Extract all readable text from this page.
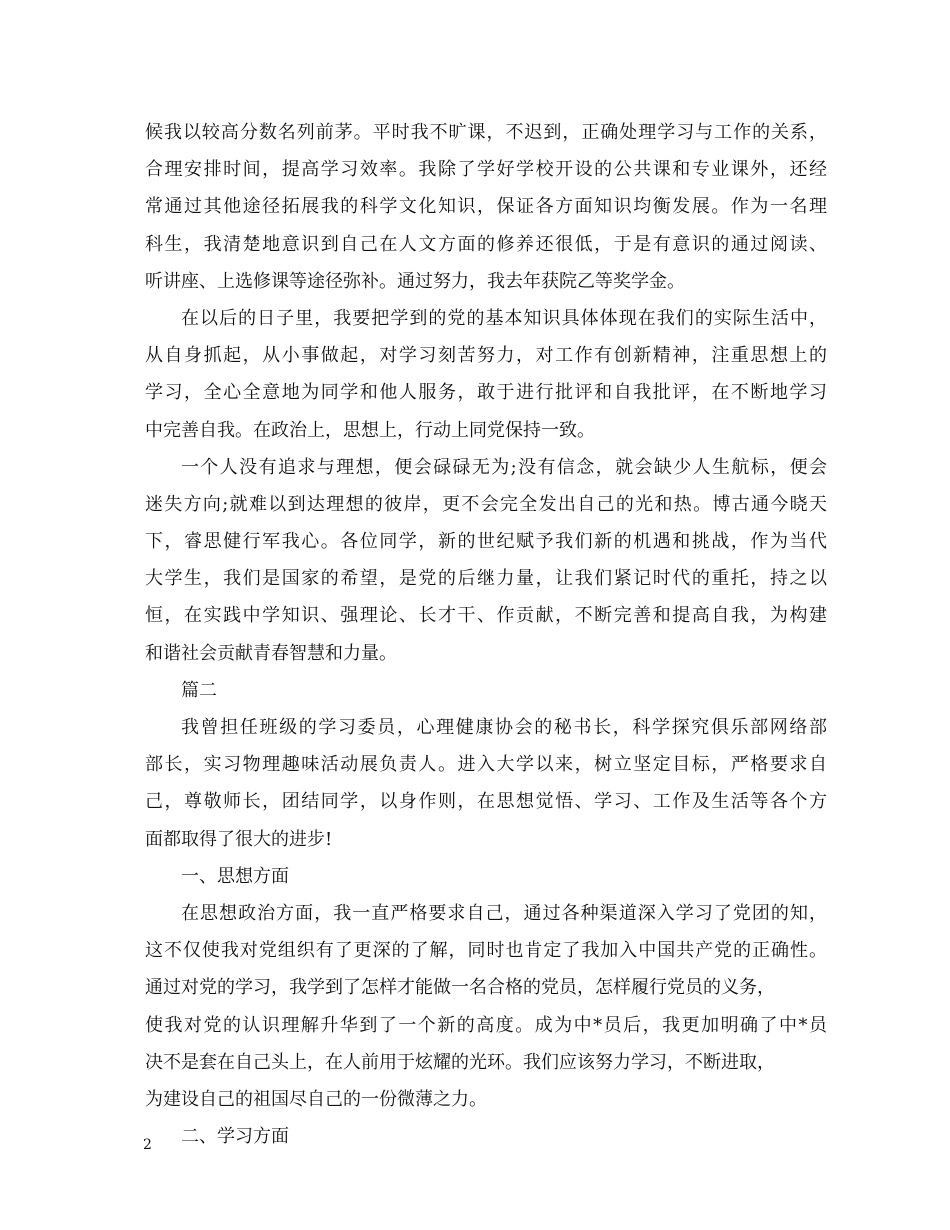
候我以较高分数名列前茅。平时我不旷课，不迟到，正确处理学习与工作的关系，
合理安排时间，提高学习效率。我除了学好学校开设的公共课和专业课外，还经
常通过其他途径拓展我的科学文化知识，保证各方面知识均衡发展。作为一名理
科生，我清楚地意识到自己在人文方面的修养还很低，于是有意识的通过阅读、
听讲座、上选修课等途径弥补。通过努力，我去年获院乙等奖学金。
在以后的日子里，我要把学到的党的基本知识具体体现在我们的实际生活中，
从自身抓起，从小事做起，对学习刻苦努力，对工作有创新精神，注重思想上的
学习，全心全意地为同学和他人服务，敢于进行批评和自我批评，在不断地学习
中完善自我。在政治上，思想上，行动上同党保持一致。
一个人没有追求与理想，便会碌碌无为;没有信念，就会缺少人生航标，便会
迷失方向;就难以到达理想的彼岸，更不会完全发出自己的光和热。博古通今晓天
下，睿思健行军我心。各位同学，新的世纪赋予我们新的机遇和挑战，作为当代
大学生，我们是国家的希望，是党的后继力量，让我们紧记时代的重托，持之以
恒，在实践中学知识、强理论、长才干、作贡献，不断完善和提高自我，为构建
和谐社会贡献青春智慧和力量。
篇二
我曾担任班级的学习委员，心理健康协会的秘书长，科学探究俱乐部网络部
部长，实习物理趣味活动展负责人。进入大学以来，树立坚定目标，严格要求自
己，尊敬师长，团结同学，以身作则，在思想觉悟、学习、工作及生活等各个方
面都取得了很大的进步!
一、思想方面
在思想政治方面，我一直严格要求自己，通过各种渠道深入学习了党团的知，
这不仅使我对党组织有了更深的了解，同时也肯定了我加入中国共产党的正确性。
通过对党的学习，我学到了怎样才能做一名合格的党员，怎样履行党员的义务，
使我对党的认识理解升华到了一个新的高度。成为中*员后，我更加明确了中*员
决不是套在自己头上，在人前用于炫耀的光环。我们应该努力学习，不断进取，
为建设自己的祖国尽自己的一份微薄之力。
二、学习方面
2
